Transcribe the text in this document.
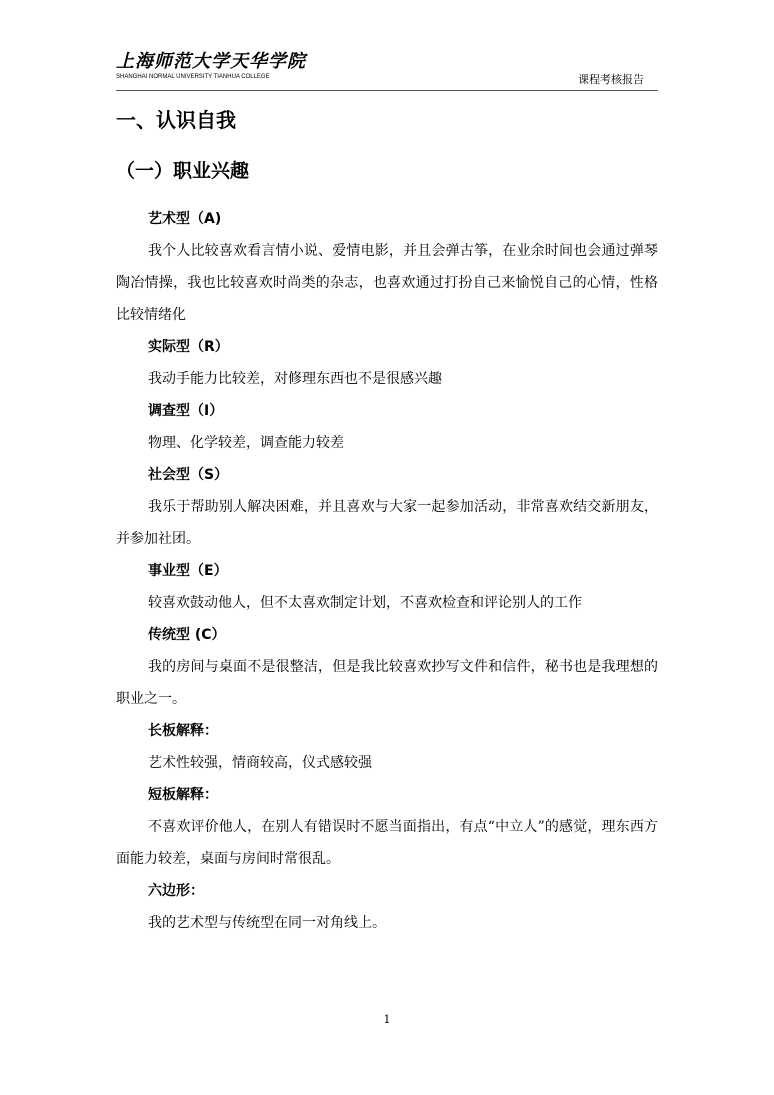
上海师范大学天华学院
SHANGHAI NORMAL UNIVERSITY TIANHUA COLLEGE	课程考核报告
一、认识自我
（一）职业兴趣
艺术型（A)

我个人比较喜欢看言情小说、爱情电影，并且会弹古筝，在业余时间也会通过弹琴陶冶情操，我也比较喜欢时尚类的杂志，也喜欢通过打扮自己来愉悦自己的心情，性格比较情绪化

实际型（R）

我动手能力比较差，对修理东西也不是很感兴趣

调查型（I）

物理、化学较差，调查能力较差

社会型（S）

我乐于帮助别人解决困难，并且喜欢与大家一起参加活动，非常喜欢结交新朋友，并参加社团。

事业型（E）

较喜欢鼓动他人，但不太喜欢制定计划，不喜欢检查和评论别人的工作

传统型 (C）

我的房间与桌面不是很整洁，但是我比较喜欢抄写文件和信件，秘书也是我理想的职业之一。

长板解释：

艺术性较强，情商较高，仪式感较强

短板解释：

不喜欢评价他人，在别人有错误时不愿当面指出，有点“中立人”的感觉，理东西方面能力较差，桌面与房间时常很乱。

六边形：

我的艺术型与传统型在同一对角线上。

1
